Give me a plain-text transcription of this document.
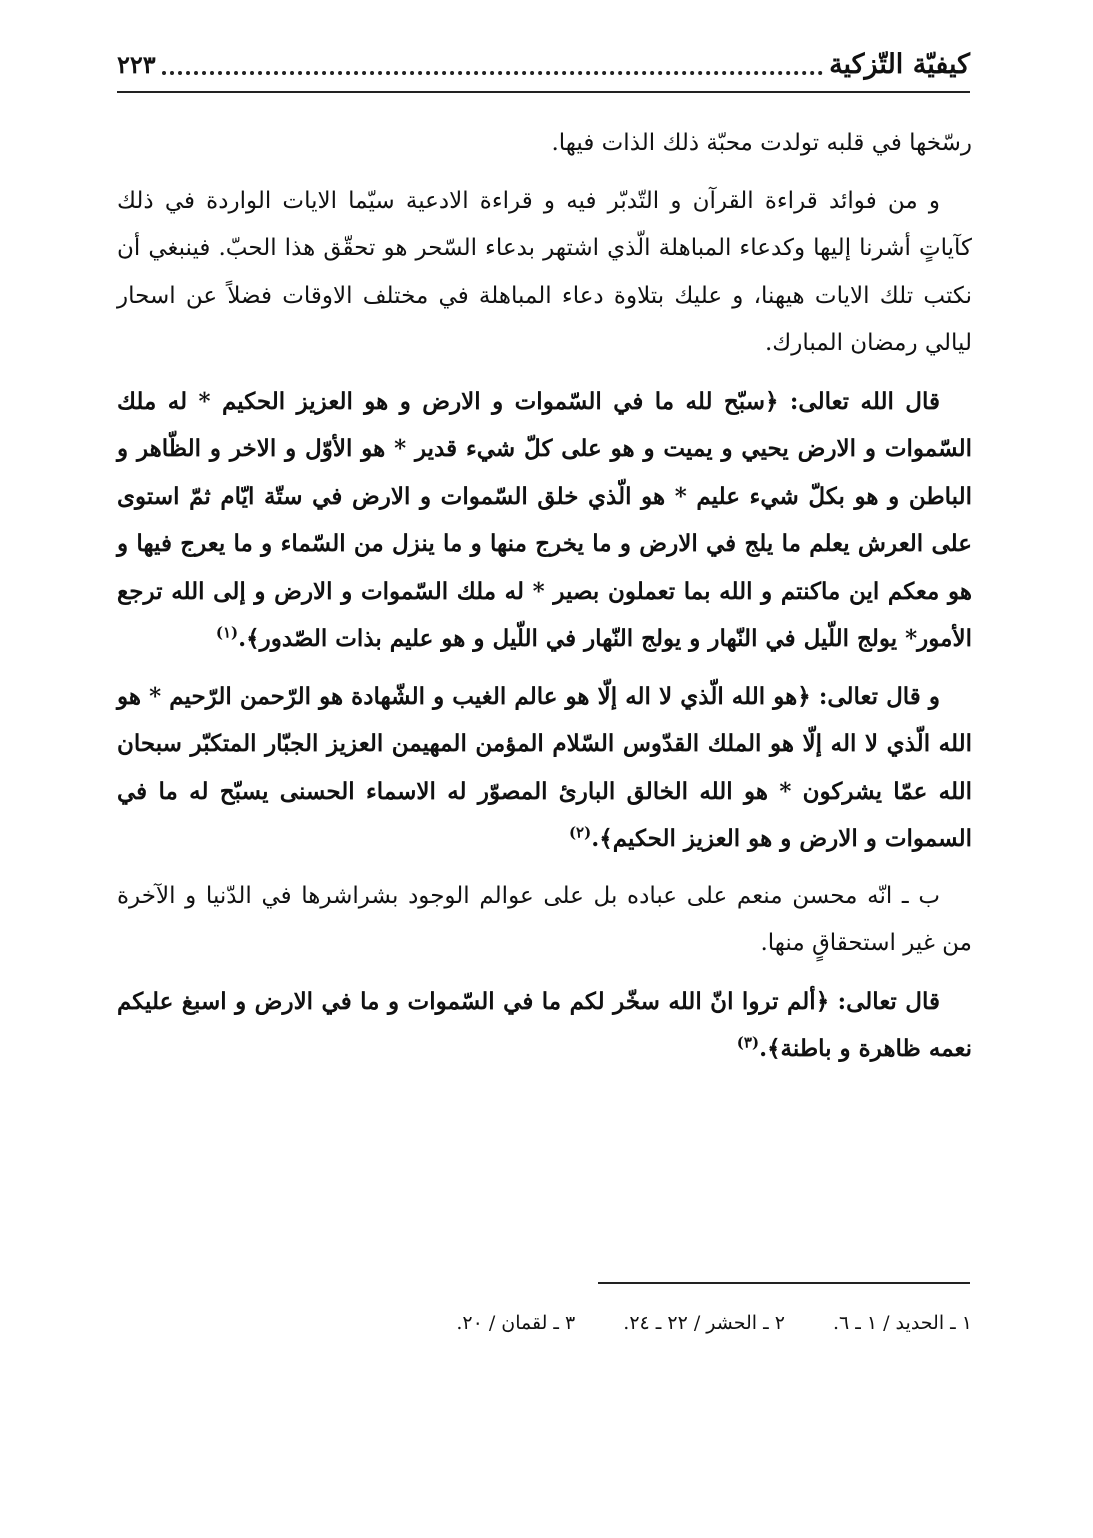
كيفيّة التّزكية
٢٢٣

رسّخها في قلبه تولدت محبّة ذلك الذات فيها.

و من فوائد قراءة القرآن و التّدبّر فيه و قراءة الادعية سيّما الايات الواردة في ذلك كآياتٍ أشرنا إليها وكدعاء المباهلة الّذي اشتهر بدعاء السّحر هو تحقّق هذا الحبّ. فينبغي أن نكتب تلك الايات هيهنا، و عليك بتلاوة دعاء المباهلة في مختلف الاوقات فضلاً عن اسحار ليالي رمضان المبارك.

قال الله تعالى: ﴿سبّح لله ما في السّموات و الارض و هو العزيز الحكيم * له ملك السّموات و الارض يحيي و يميت و هو على كلّ شيء قدير * هو الأوّل و الاخر و الظّاهر و الباطن و هو بكلّ شيء عليم * هو الّذي خلق السّموات و الارض في ستّة ايّام ثمّ استوى على العرش يعلم ما يلج في الارض و ما يخرج منها و ما ينزل من السّماء و ما يعرج فيها و هو معكم اين ماكنتم و الله بما تعملون بصير * له ملك السّموات و الارض و إلى الله ترجع الأمور* يولج اللّيل في النّهار و يولج النّهار في اللّيل و هو عليم بذات الصّدور﴾.$^{(١)}$

و قال تعالى: ﴿هو الله الّذي لا اله إلّا هو عالم الغيب و الشّهادة هو الرّحمن الرّحيم * هو الله الّذي لا اله إلّا هو الملك القدّوس السّلام المؤمن المهيمن العزيز الجبّار المتكبّر سبحان الله عمّا يشركون * هو الله الخالق البارئ المصوّر له الاسماء الحسنى يسبّح له ما في السموات و الارض و هو العزيز الحكيم﴾.$^{(٢)}$

ب ـ انّه محسن منعم على عباده بل على عوالم الوجود بشراشرها في الدّنيا و الآخرة من غير استحقاقٍ منها.

قال تعالى: ﴿ألم تروا انّ الله سخّر لكم ما في السّموات و ما في الارض و اسبغ عليكم نعمه ظاهرة و باطنة﴾.$^{(٣)}$

١ ـ الحديد / ١ ـ ٦.
٢ ـ الحشر / ٢٢ ـ ٢٤.
٣ ـ لقمان / ٢٠.
